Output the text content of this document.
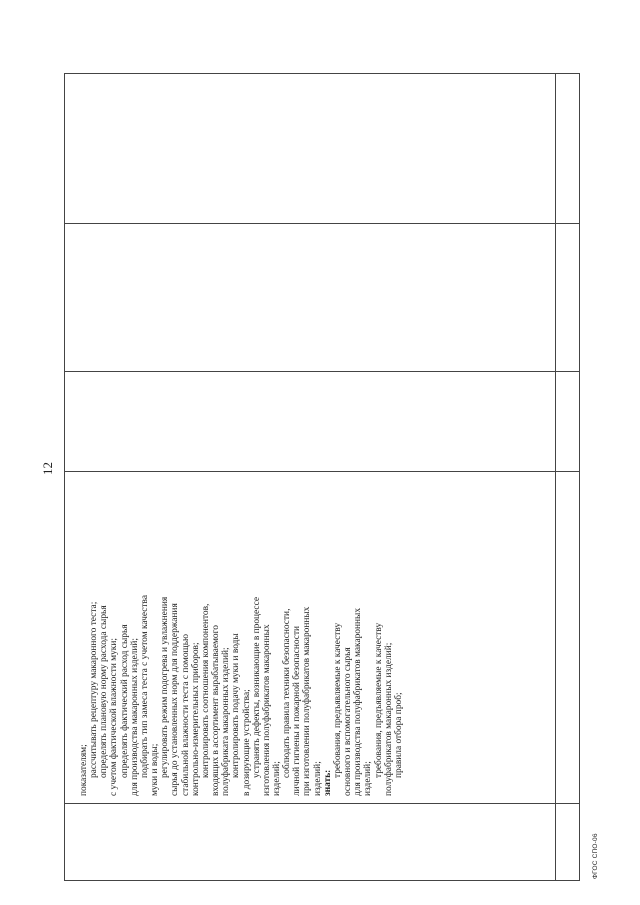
12
показателям; рассчитывать рецептуру макаронного теста; определять плановую норму расхода сырья с учетом фактической влажности муки; определять фактический расход сырья для производства макаронных изделий; подбирать тип замеса теста с учетом качества муки и воды; регулировать режим подогрева и увлажнения сырья до установленных норм для поддержания стабильной влажности теста с помощью контрольно-измерительных приборов; контролировать соотношения компонентов, входящих в ассортимент вырабатываемого полуфабриката макаронных изделий; контролировать подачу муки и воды в дозирующие устройства; устранять дефекты, возникающие в процессе изготовления полуфабрикатов макаронных изделий;
соблюдать правила техники безопасности, личной гигиены и пожарной безопасности при изготовлении полуфабрикатов макаронных изделий; знать:
требования, предъявляемые к качеству основного и вспомогательного сырья для производства полуфабрикатов макаронных изделий;
требования, предъявляемые к качеству полуфабрикатов макаронных изделий; правила отбора проб;
ФГОС СПО-06
